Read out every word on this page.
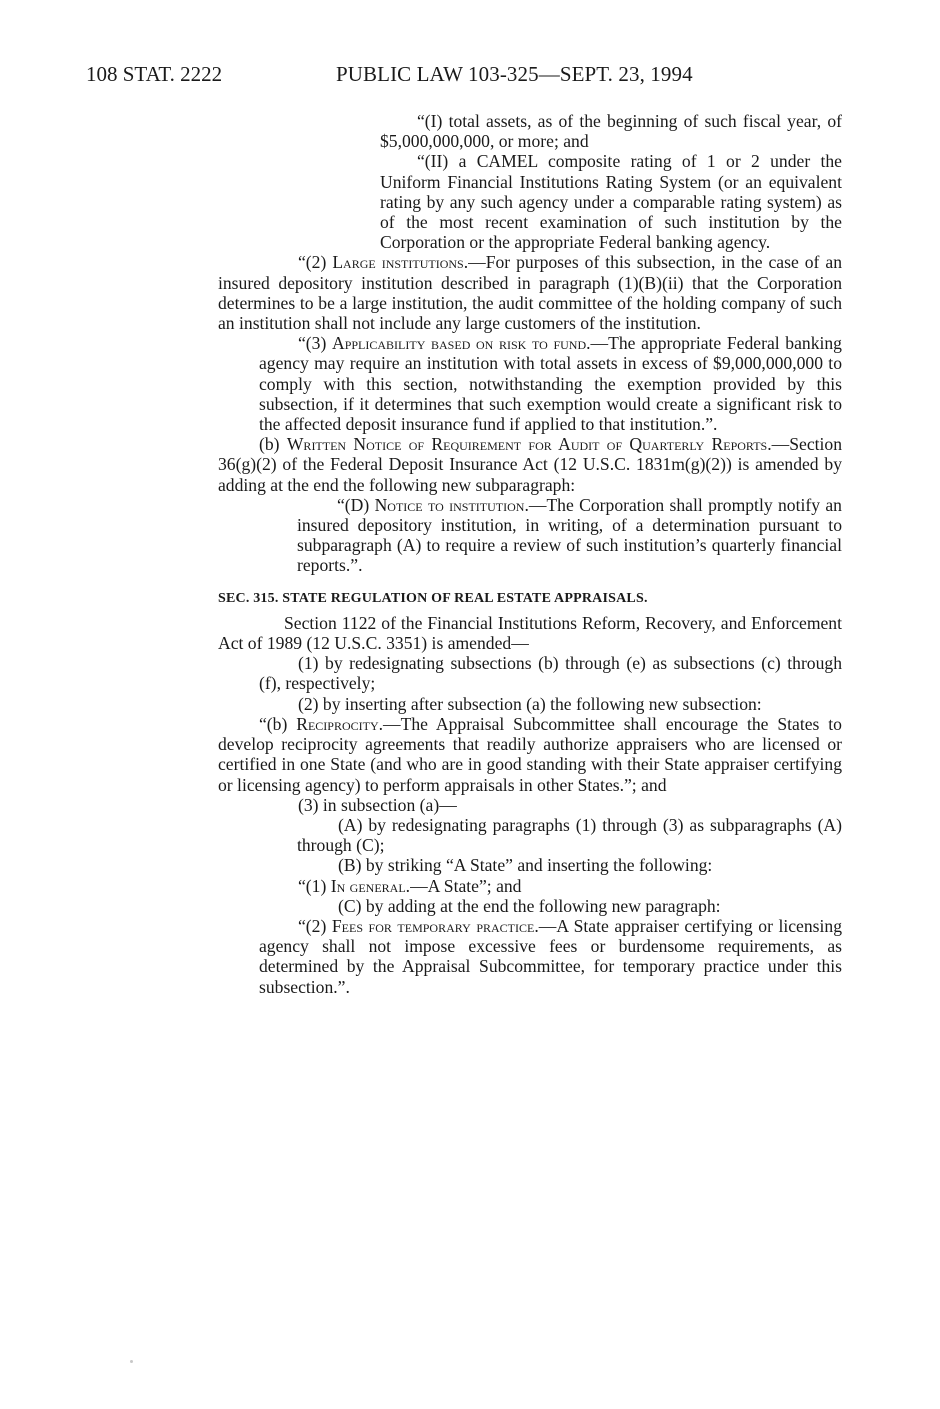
108 STAT. 2222	PUBLIC LAW 103-325—SEPT. 23, 1994

“(I) total assets, as of the beginning of such fiscal year, of $5,000,000,000, or more; and

“(II) a CAMEL composite rating of 1 or 2 under the Uniform Financial Institutions Rating System (or an equivalent rating by any such agency under a comparable rating system) as of the most recent examination of such institution by the Corporation or the appropriate Federal banking agency.

“(2) Large institutions.—For purposes of this subsection, in the case of an insured depository institution described in paragraph (1)(B)(ii) that the Corporation determines to be a large institution, the audit committee of the holding company of such an institution shall not include any large customers of the institution.

“(3) Applicability based on risk to fund.—The appropriate Federal banking agency may require an institution with total assets in excess of $9,000,000,000 to comply with this section, notwithstanding the exemption provided by this subsection, if it determines that such exemption would create a significant risk to the affected deposit insurance fund if applied to that institution.”.

(b) Written Notice of Requirement for Audit of Quarterly Reports.—Section 36(g)(2) of the Federal Deposit Insurance Act (12 U.S.C. 1831m(g)(2)) is amended by adding at the end the following new subparagraph:

“(D) Notice to institution.—The Corporation shall promptly notify an insured depository institution, in writing, of a determination pursuant to subparagraph (A) to require a review of such institution’s quarterly financial reports.”.

SEC. 315. STATE REGULATION OF REAL ESTATE APPRAISALS.

Section 1122 of the Financial Institutions Reform, Recovery, and Enforcement Act of 1989 (12 U.S.C. 3351) is amended—

(1) by redesignating subsections (b) through (e) as subsections (c) through (f), respectively;

(2) by inserting after subsection (a) the following new subsection:

“(b) Reciprocity.—The Appraisal Subcommittee shall encourage the States to develop reciprocity agreements that readily authorize appraisers who are licensed or certified in one State (and who are in good standing with their State appraiser certifying or licensing agency) to perform appraisals in other States.”; and

(3) in subsection (a)—

(A) by redesignating paragraphs (1) through (3) as subparagraphs (A) through (C);

(B) by striking “A State” and inserting the following:

“(1) In general.—A State”; and

(C) by adding at the end the following new paragraph:

“(2) Fees for temporary practice.—A State appraiser certifying or licensing agency shall not impose excessive fees or burdensome requirements, as determined by the Appraisal Subcommittee, for temporary practice under this subsection.”.
